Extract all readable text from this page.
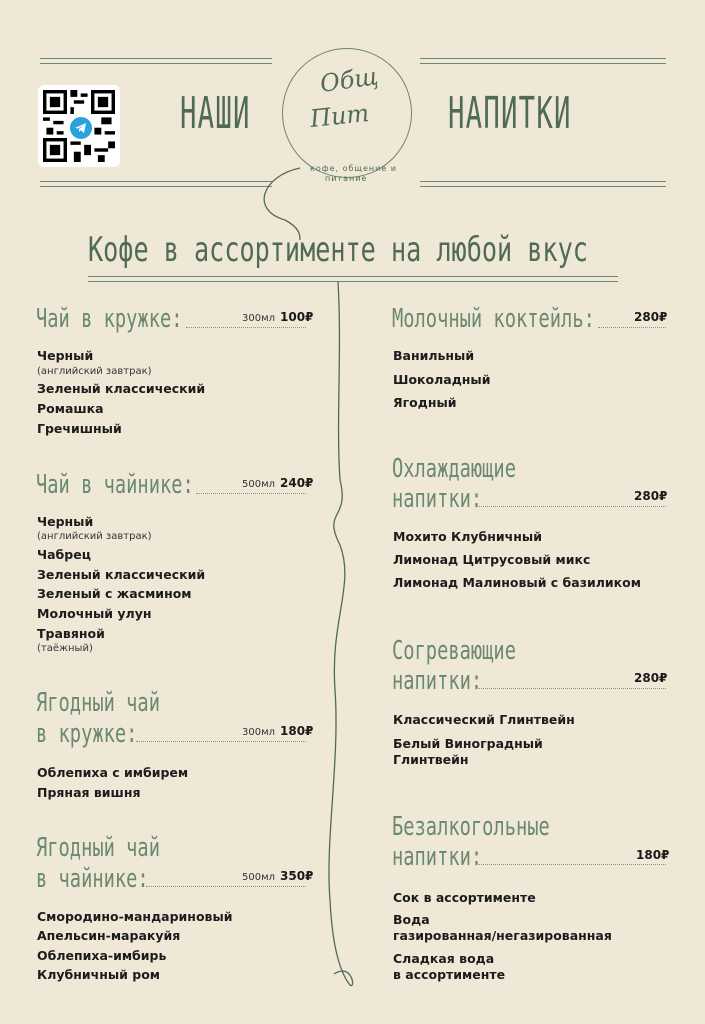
НАШИ	НАПИТКИ
Общ
Пит
кофе, общение и
питание
Кофе в ассортименте на любой вкус
Чай в кружке:	300мл 100₽
Черный
(английский завтрак)
Зеленый классический
Ромашка
Гречишный
Чай в чайнике:	500мл 240₽
Черный
(английский завтрак)
Чабрец
Зеленый классический
Зеленый с жасмином
Молочный улун
Травяной
(таёжный)
Ягодный чай
в кружке:	300мл 180₽
Облепиха с имбирем
Пряная вишня
Ягодный чай
в чайнике:	500мл 350₽
Смородино-мандариновый
Апельсин-маракуйя
Облепиха-имбирь
Клубничный ром
Молочный коктейль:	280₽
Ванильный
Шоколадный
Ягодный
Охлаждающие
напитки:	280₽
Мохито Клубничный
Лимонад Цитрусовый микс
Лимонад Малиновый с базиликом
Согревающие
напитки:	280₽
Классический Глинтвейн
Белый Виноградный
Глинтвейн
Безалкогольные
напитки:	180₽
Сок в ассортименте
Вода
газированная/негазированная
Сладкая вода
в ассортименте
